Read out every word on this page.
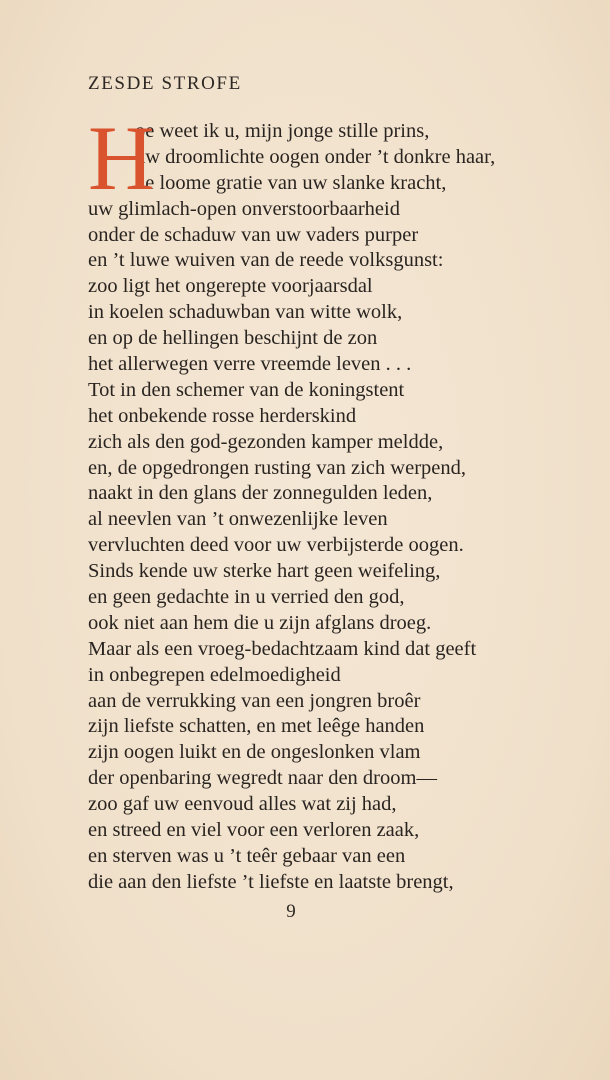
ZESDE STROFE
H
oe weet ik u, mijn jonge stille prins,
uw droomlichte oogen onder ’t donkre haar,
de loome gratie van uw slanke kracht,
uw glimlach-open onverstoorbaarheid
onder de schaduw van uw vaders purper
en ’t luwe wuiven van de reede volksgunst:
zoo ligt het ongerepte voorjaarsdal
in koelen schaduwban van witte wolk,
en op de hellingen beschijnt de zon
het allerwegen verre vreemde leven . . .
Tot in den schemer van de koningstent
het onbekende rosse herderskind
zich als den god-gezonden kamper meldde,
en, de opgedrongen rusting van zich werpend,
naakt in den glans der zonnegulden leden,
al neevlen van ’t onwezenlijke leven
vervluchten deed voor uw verbijsterde oogen.
Sinds kende uw sterke hart geen weifeling,
en geen gedachte in u verried den god,
ook niet aan hem die u zijn afglans droeg.
Maar als een vroeg-bedachtzaam kind dat geeft
in onbegrepen edelmoedigheid
aan de verrukking van een jongren broêr
zijn liefste schatten, en met leêge handen
zijn oogen luikt en de ongeslonken vlam
der openbaring wegredt naar den droom—
zoo gaf uw eenvoud alles wat zij had,
en streed en viel voor een verloren zaak,
en sterven was u ’t teêr gebaar van een
die aan den liefste ’t liefste en laatste brengt,
9
